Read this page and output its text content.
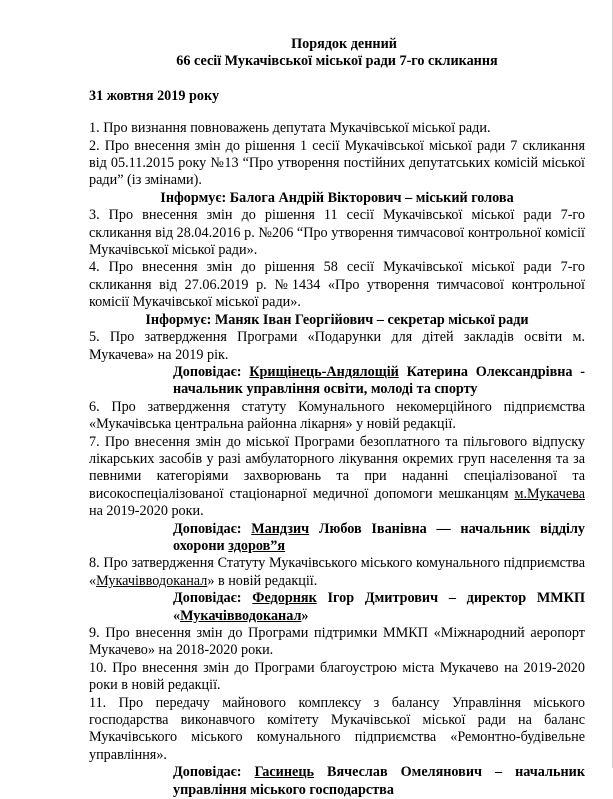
Порядок денний
66 сесії Мукачівської міської ради 7-го скликання
31 жовтня 2019 року
1. Про визнання повноважень депутата Мукачівської міської ради.
2. Про внесення змін до рішення 1 сесії Мукачівської міської ради 7 скликання від 05.11.2015 року №13 “Про утворення постійних депутатських комісій міської ради” (із змінами).
Інформує: Балога Андрій Вікторович – міський голова
3. Про внесення змін до рішення 11 сесії Мукачівської міської ради 7-го скликання від 28.04.2016 р. №206 “Про утворення тимчасової контрольної комісії Мукачівської міської ради».
4. Про внесення змін до рішення 58 сесії Мукачівської міської ради 7-го скликання від 27.06.2019 р. №1434 «Про утворення тимчасової контрольної комісії Мукачівської міської ради».
Інформує: Маняк Іван Георгійович – секретар міської ради
5. Про затвердження Програми «Подарунки для дітей закладів освіти м. Мукачева» на 2019 рік.
Доповідає: Крищінець-Андялощій Катерина Олександрівна - начальник управління освіти, молоді та спорту
6. Про затвердження статуту Комунального некомерційного підприємства «Мукачівська центральна районна лікарня» у новій редакції.
7. Про внесення змін до міської Програми безоплатного та пільгового відпуску лікарських засобів у разі амбулаторного лікування окремих груп населення та за певними категоріями захворювань та при наданні спеціалізованої та високоспеціалізованої стаціонарної медичної допомоги мешканцям м.Мукачева на 2019-2020 роки.
Доповідає: Мандзич Любов Іванівна — начальник відділу охорони здоров”я
8. Про затвердження Статуту Мукачівського міського комунального підприємства «Мукачівводоканал» в новій редакції.
Доповідає: Федорняк Ігор Дмитрович – директор ММКП «Мукачівводоканал»
9. Про внесення змін до Програми підтримки ММКП «Міжнародний аеропорт Мукачево» на 2018-2020 роки.
10. Про внесення змін до Програми благоустрою міста Мукачево на 2019-2020 роки в новій редакції.
11. Про передачу майнового комплексу з балансу Управління міського господарства виконавчого комітету Мукачівської міської ради на баланс Мукачівського міського комунального підприємства «Ремонтно-будівельне управління».
Доповідає: Гасинець Вячеслав Омелянович – начальник управління міського господарства
